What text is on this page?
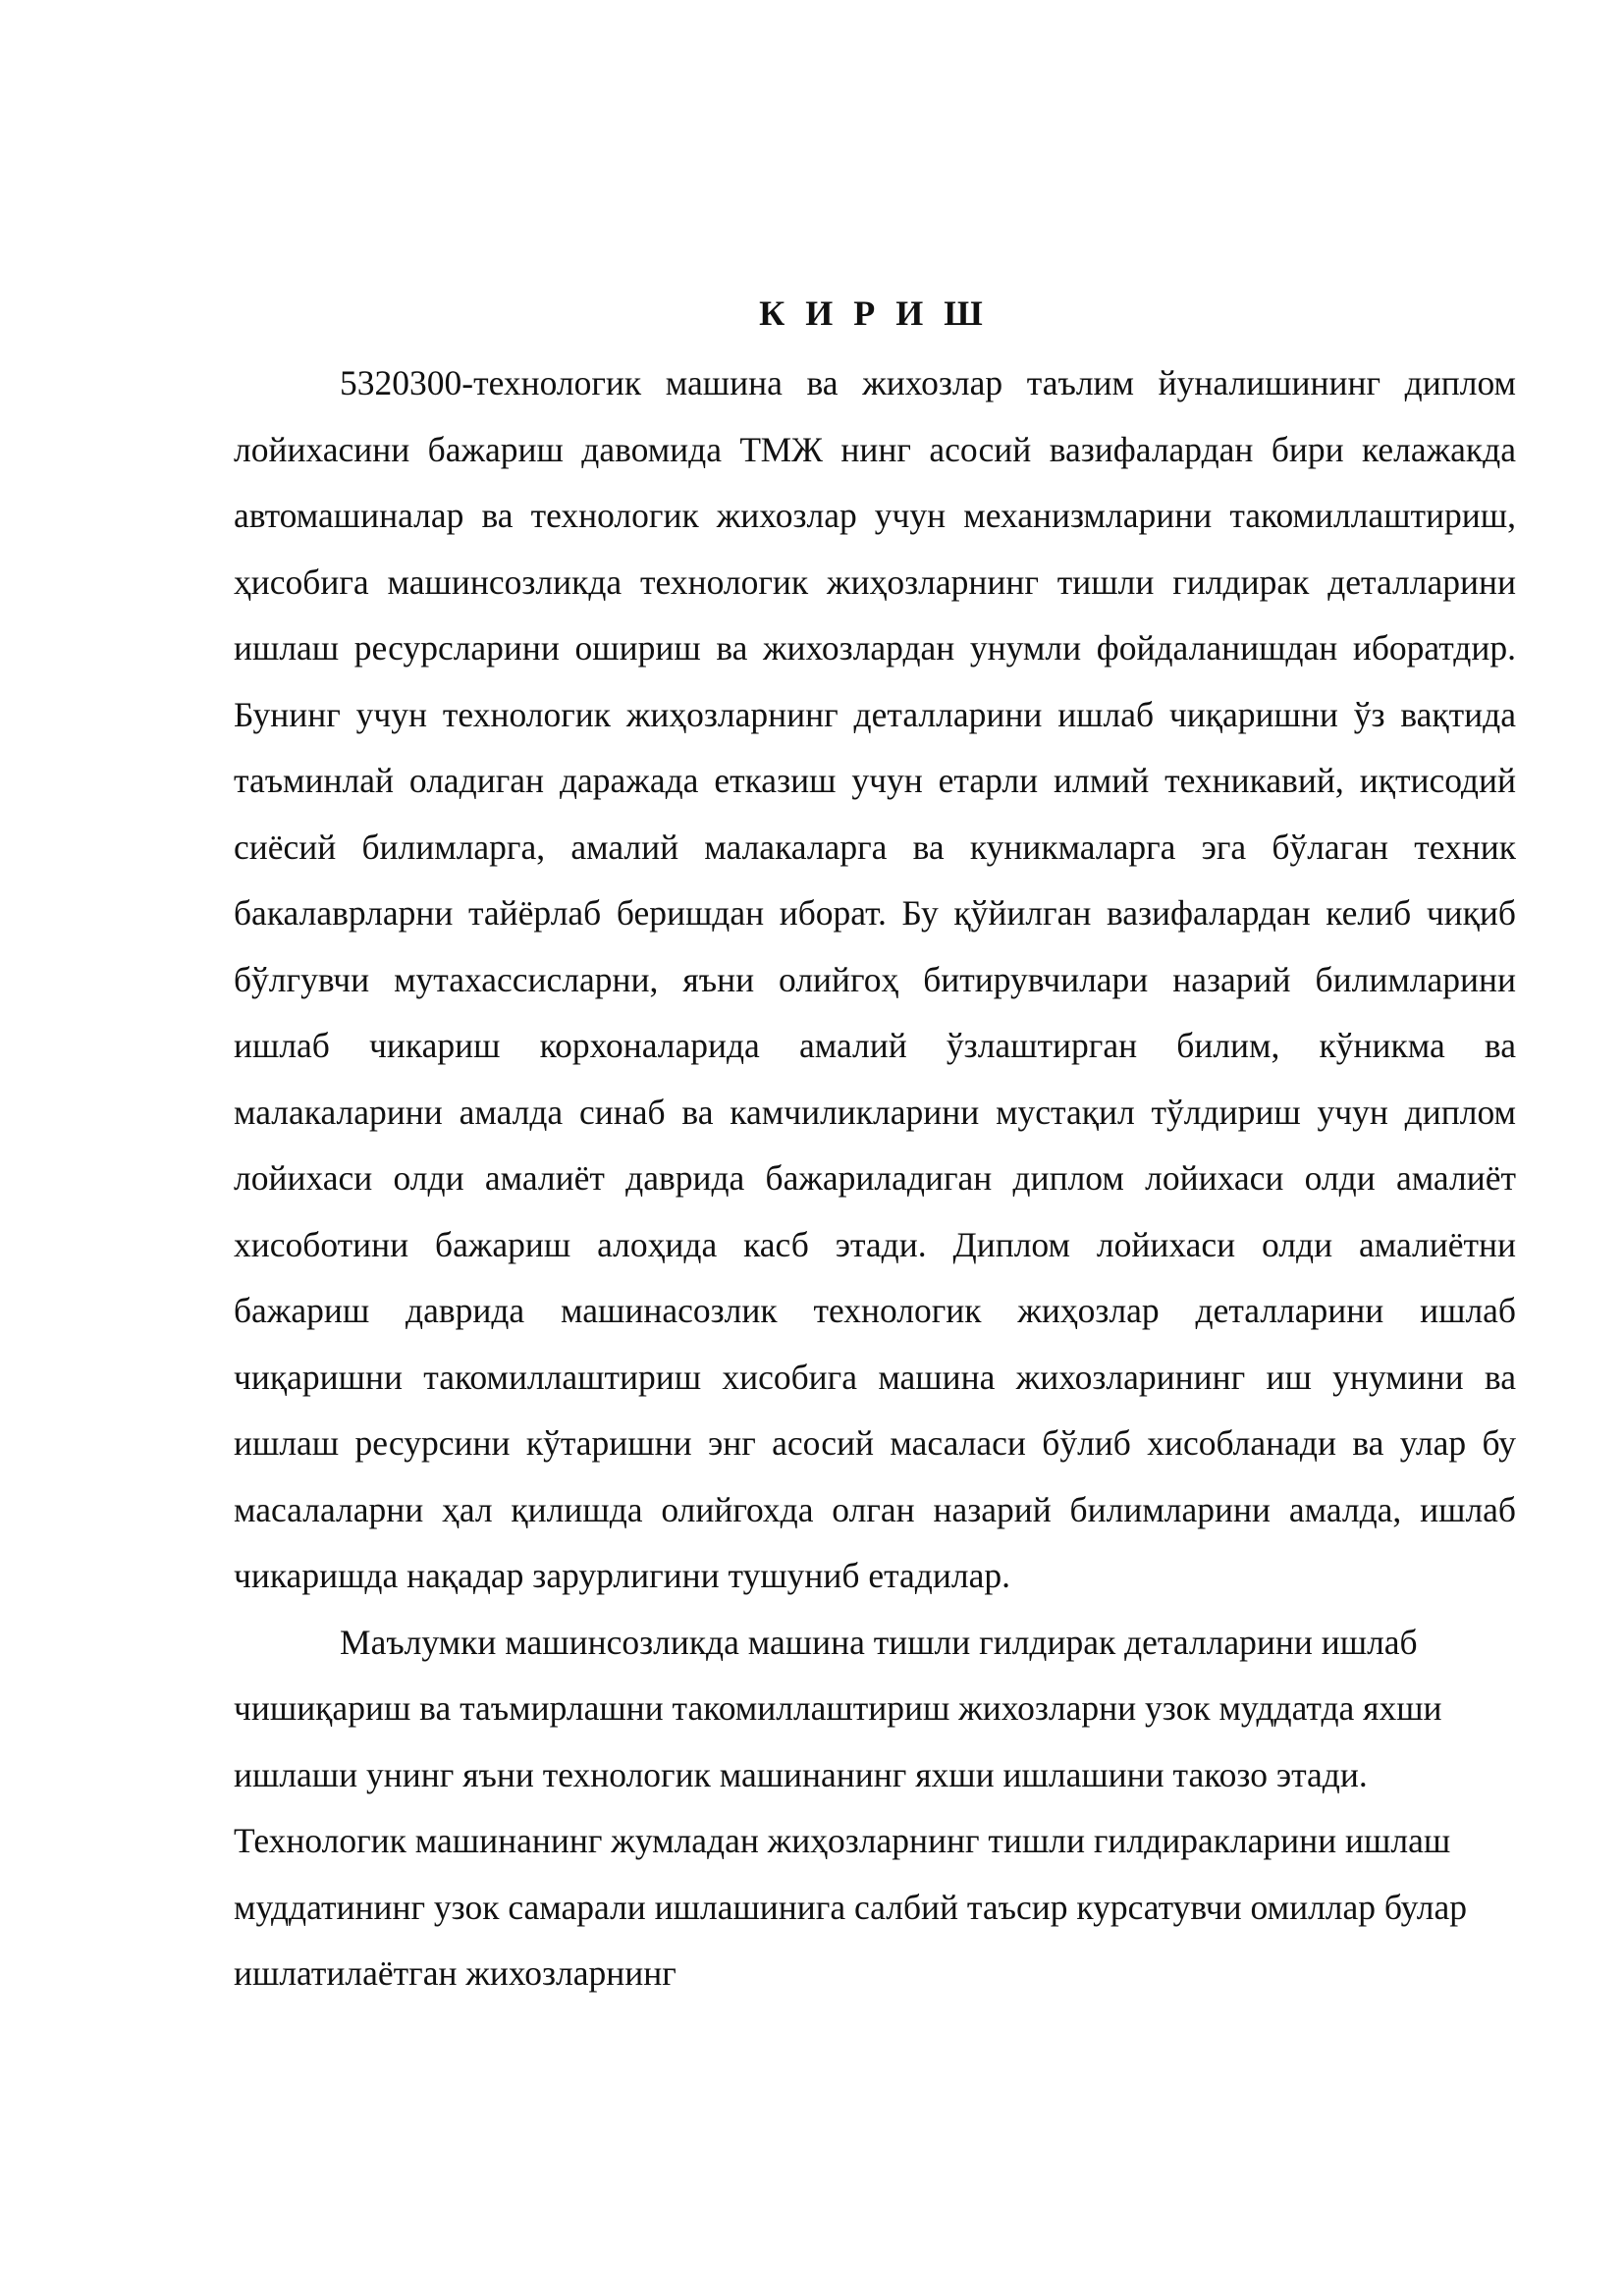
К И Р И Ш

5320300-технологик машина ва жихозлар таълим йуналишининг диплом лойихасини бажариш давомида ТМЖ нинг асосий вазифалардан бири келажакда автомашиналар ва технологик жихозлар учун механизмларини такомиллаштириш, ҳисобига машинсозликда технологик жиҳозларнинг тишли гилдирак деталларини ишлаш ресурсларини ошириш ва жихозлардан унумли фойдаланишдан иборатдир. Бунинг учун технологик жиҳозларнинг деталларини ишлаб чиқаришни ўз вақтида таъминлай оладиган даражада етказиш учун етарли илмий техникавий, иқтисодий сиёсий билимларга, амалий малакаларга ва куникмаларга эга бўлаган техник бакалаврларни тайёрлаб беришдан иборат. Бу қўйилган вазифалардан келиб чиқиб бўлгувчи мутахассисларни, яъни олийгоҳ битирувчилари назарий билимларини ишлаб чикариш корхоналарида амалий ўзлаштирган билим, кўникма ва малакаларини амалда синаб ва камчиликларини мустақил тўлдириш учун диплом лойихаси олди амалиёт даврида бажариладиган диплом лойихаси олди амалиёт хисоботини бажариш алоҳида касб этади. Диплом лойихаси олди амалиётни бажариш даврида машинасозлик технологик жиҳозлар деталларини ишлаб чиқаришни такомиллаштириш хисобига машина жихозларининг иш унумини ва ишлаш ресурсини кўтаришни энг асосий масаласи бўлиб хисобланади ва улар бу масалаларни ҳал қилишда олийгохда олган назарий билимларини амалда, ишлаб чикаришда нақадар зарурлигини тушуниб етадилар.

Маълумки машинсозликда машина тишли гилдирак деталларини ишлаб чишиқариш ва таъмирлашни такомиллаштириш жихозларни узок муддатда яхши ишлаши унинг яъни технологик машинанинг яхши ишлашини такозо этади. Технологик машинанинг жумладан жиҳозларнинг тишли гилдиракларини ишлаш муддатининг узок самарали ишлашинига салбий таъсир курсатувчи омиллар булар ишлатилаётган жихозларнинг
